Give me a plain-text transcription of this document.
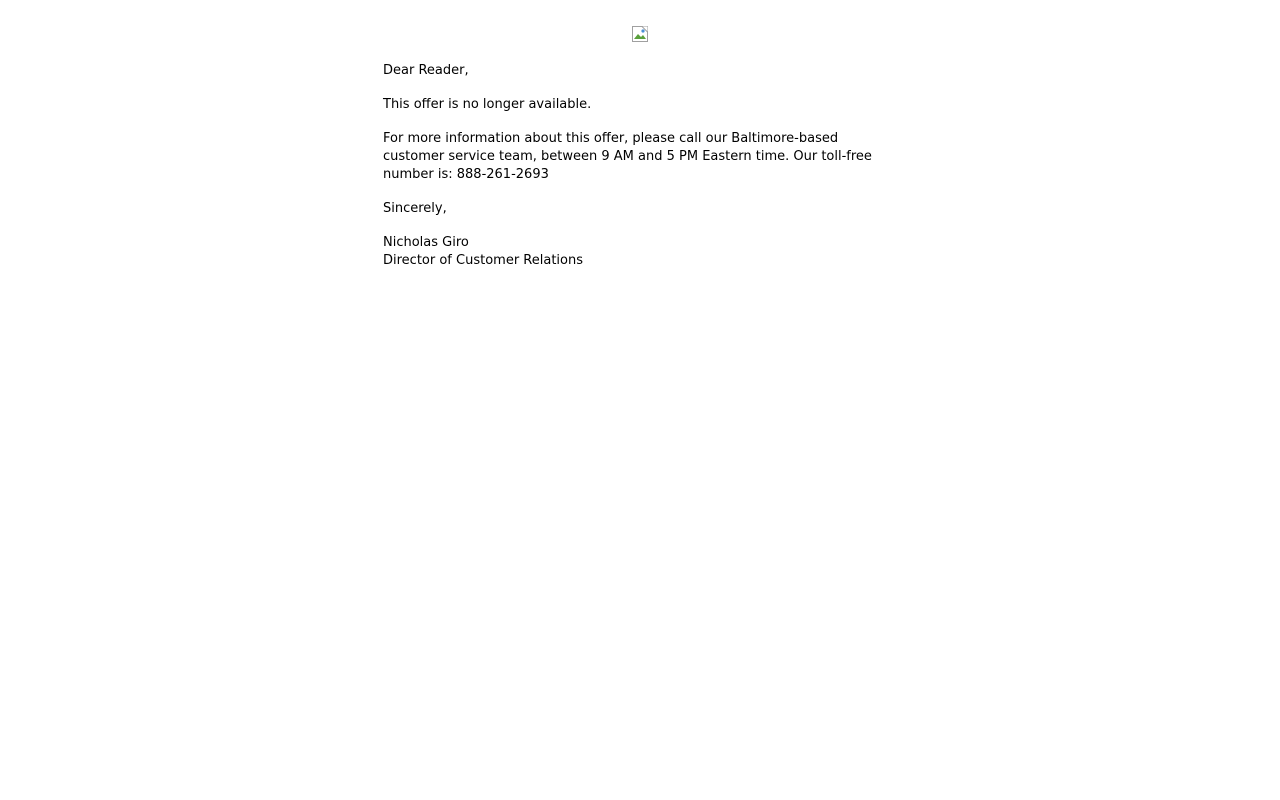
Dear Reader,

This offer is no longer available.

For more information about this offer, please call our Baltimore-based customer service team, between 9 AM and 5 PM Eastern time. Our toll-free number is: 888-261-2693

Sincerely,

Nicholas Giro
Director of Customer Relations
